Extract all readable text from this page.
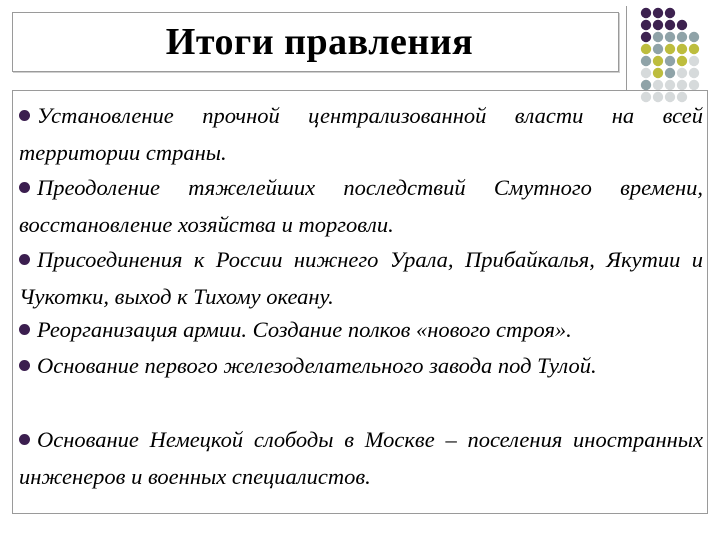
Итоги правления
Установление прочной централизованной власти на всей территории страны.
Преодоление тяжелейших последствий Смутного времени, восстановление хозяйства и торговли.
Присоединения к России нижнего Урала, Прибайкалья, Якутии и Чукотки, выход к Тихому океану.
Реорганизация армии. Создание полков «нового строя».
Основание первого железоделательного завода под Тулой.
Основание Немецкой слободы в Москве – поселения иностранных инженеров и военных специалистов.
